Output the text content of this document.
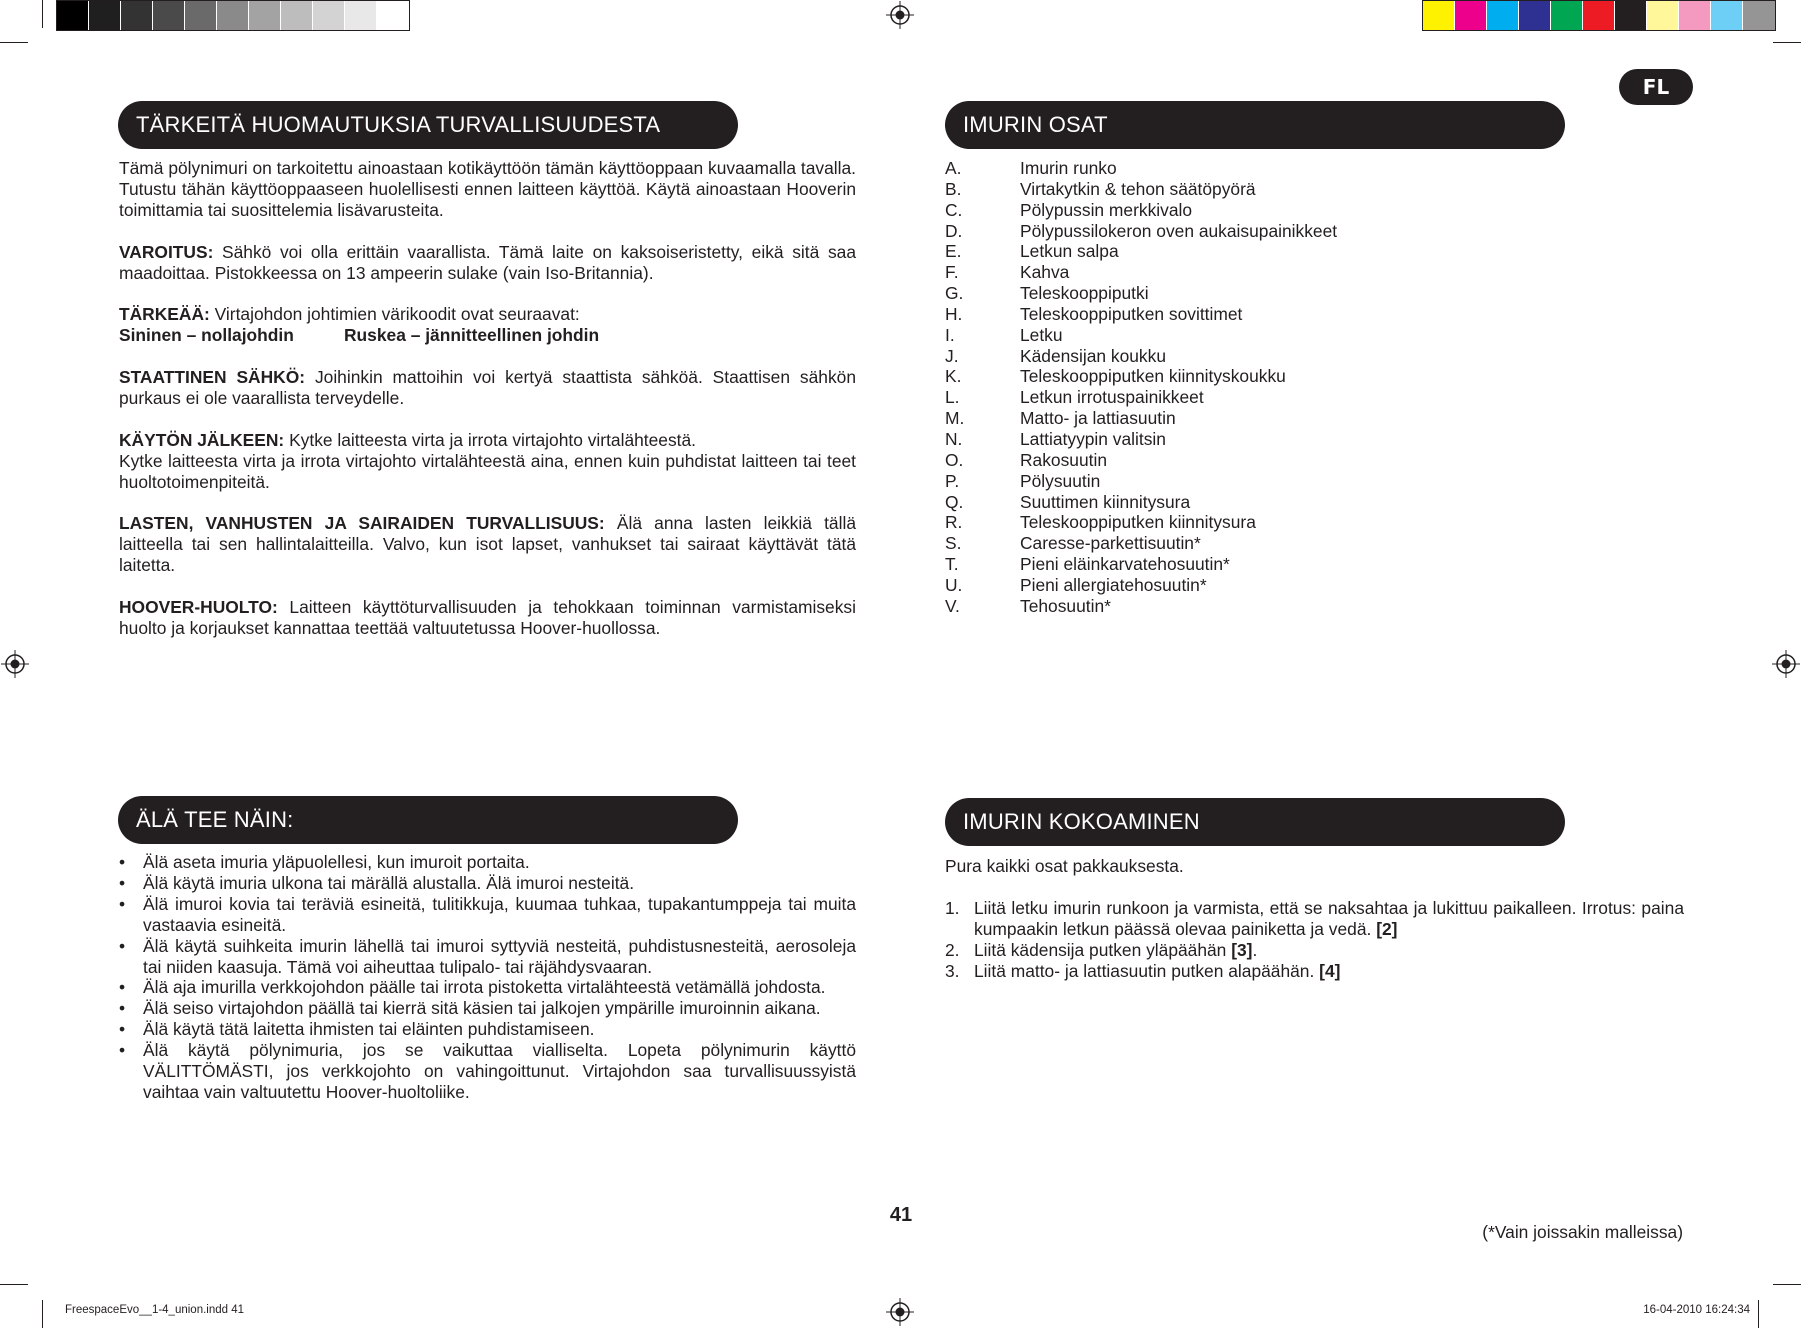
FL
TÄRKEITÄ HUOMAUTUKSIA TURVALLISUUDESTA

Tämä pölynimuri on tarkoitettu ainoastaan kotikäyttöön tämän käyttöoppaan kuvaamalla tavalla. Tutustu tähän käyttöoppaaseen huolellisesti ennen laitteen käyttöä. Käytä ainoastaan Hooverin toimittamia tai suosittelemia lisävarusteita.

VAROITUS: Sähkö voi olla erittäin vaarallista. Tämä laite on kaksoiseristetty, eikä sitä saa maadoittaa. Pistokkeessa on 13 ampeerin sulake (vain Iso-Britannia).

TÄRKEÄÄ: Virtajohdon johtimien värikoodit ovat seuraavat:
Sininen – nollajohdin	Ruskea – jännitteellinen johdin

STAATTINEN SÄHKÖ: Joihinkin mattoihin voi kertyä staattista sähköä. Staattisen sähkön purkaus ei ole vaarallista terveydelle.

KÄYTÖN JÄLKEEN: Kytke laitteesta virta ja irrota virtajohto virtalähteestä.
Kytke laitteesta virta ja irrota virtajohto virtalähteestä aina, ennen kuin puhdistat laitteen tai teet huoltotoimenpiteitä.

LASTEN, VANHUSTEN JA SAIRAIDEN TURVALLISUUS: Älä anna lasten leikkiä tällä laitteella tai sen hallintalaitteilla. Valvo, kun isot lapset, vanhukset tai sairaat käyttävät tätä laitetta.

HOOVER-HUOLTO: Laitteen käyttöturvallisuuden ja tehokkaan toiminnan varmistamiseksi huolto ja korjaukset kannattaa teettää valtuutetussa Hoover-huollossa.

IMURIN OSAT
A.	Imurin runko
B.	Virtakytkin & tehon säätöpyörä
C.	Pölypussin merkkivalo
D.	Pölypussilokeron oven aukaisupainikkeet
E.	Letkun salpa
F.	Kahva
G.	Teleskooppiputki
H.	Teleskooppiputken sovittimet
I.	Letku
J.	Kädensijan koukku
K.	Teleskooppiputken kiinnityskoukku
L.	Letkun irrotuspainikkeet
M.	Matto- ja lattiasuutin
N.	Lattiatyypin valitsin
O.	Rakosuutin
P.	Pölysuutin
Q.	Suuttimen kiinnitysura
R.	Teleskooppiputken kiinnitysura
S.	Caresse-parkettisuutin*
T.	Pieni eläinkarvatehosuutin*
U.	Pieni allergiatehosuutin*
V.	Tehosuutin*
ÄLÄ TEE NÄIN:
• Älä aseta imuria yläpuolellesi, kun imuroit portaita.
• Älä käytä imuria ulkona tai märällä alustalla. Älä imuroi nesteitä.
• Älä imuroi kovia tai teräviä esineitä, tulitikkuja, kuumaa tuhkaa, tupakantumppeja tai muita vastaavia esineitä.
• Älä käytä suihkeita imurin lähellä tai imuroi syttyviä nesteitä, puhdistusnesteitä, aerosoleja tai niiden kaasuja. Tämä voi aiheuttaa tulipalo- tai räjähdysvaaran.
• Älä aja imurilla verkkojohdon päälle tai irrota pistoketta virtalähteestä vetämällä johdosta.
• Älä seiso virtajohdon päällä tai kierrä sitä käsien tai jalkojen ympärille imuroinnin aikana.
• Älä käytä tätä laitetta ihmisten tai eläinten puhdistamiseen.
• Älä käytä pölynimuria, jos se vaikuttaa vialliselta. Lopeta pölynimurin käyttö VÄLITTÖMÄSTI, jos verkkojohto on vahingoittunut. Virtajohdon saa turvallisuussyistä vaihtaa vain valtuutettu Hoover-huoltoliike.
IMURIN KOKOAMINEN
Pura kaikki osat pakkauksesta.
1. Liitä letku imurin runkoon ja varmista, että se naksahtaa ja lukittuu paikalleen. Irrotus: paina kumpaakin letkun päässä olevaa painiketta ja vedä. [2]
2. Liitä kädensija putken yläpäähän [3].
3. Liitä matto- ja lattiasuutin putken alapäähän. [4]
41
(*Vain joissakin malleissa)
FreespaceEvo__1-4_union.indd 41	16-04-2010 16:24:34
